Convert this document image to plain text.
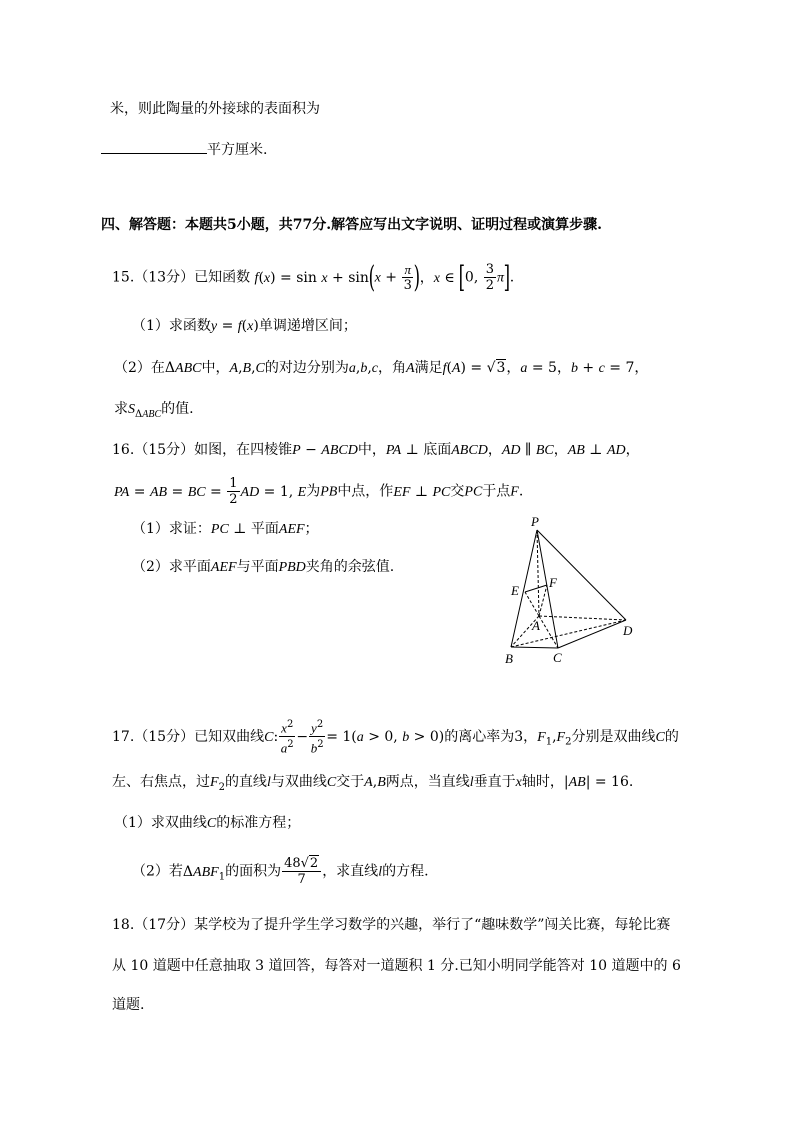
米，则此陶量的外接球的表面积为
平方厘米.
四、解答题：本题共5小题，共77分.解答应写出文字说明、证明过程或演算步骤.
15.（13分）已知函数 $f(x) = \sin x + \sin(x + \frac{\pi}{3}$ )，x ∈ [0, $\frac{3}{2} \pi$].
（1）求函数y = f(x)单调递增区间；
（2）在ΔABC中，A,B,C的对边分别为a,b,c，角A满足f(A) = √3，a = 5，b + c = 7，
求$S_{\Delta ABC}$的值.
16.（15分）如图，在四棱锥P − ABCD中，PA ⊥ 底面ABCD，AD ∥ BC，AB ⊥ AD，
PA = AB = BC = $\frac{1}{2}$ AD = 1, E为PB中点，作EF ⊥ PC交PC于点F.
（1）求证：PC ⊥ 平面AEF；
（2）求平面AEF与平面PBD夹角的余弦值.
P
E
F
A	D
B	C
17.（15分）已知双曲线C: $\frac{x^2}{a^2} - \frac{y^2}{b^2} = 1(a > 0$, b > 0)的离心率为3，$F_1,F_2$分别是双曲线C的
左、右焦点，过$F_2$的直线l与双曲线C交于A,B两点，当直线l垂直于x轴时，|AB| = 16.
（1）求双曲线C的标准方程；
（2）若$\Delta ABF_1$的面积为 $\frac{48√2}{7}$ ，求直线l的方程.
18.（17分）某学校为了提升学生学习数学的兴趣，举行了“趣味数学”闯关比赛，每轮比赛
从 10 道题中任意抽取 3 道回答，每答对一道题积 1 分.已知小明同学能答对 10 道题中的 6
道题.
